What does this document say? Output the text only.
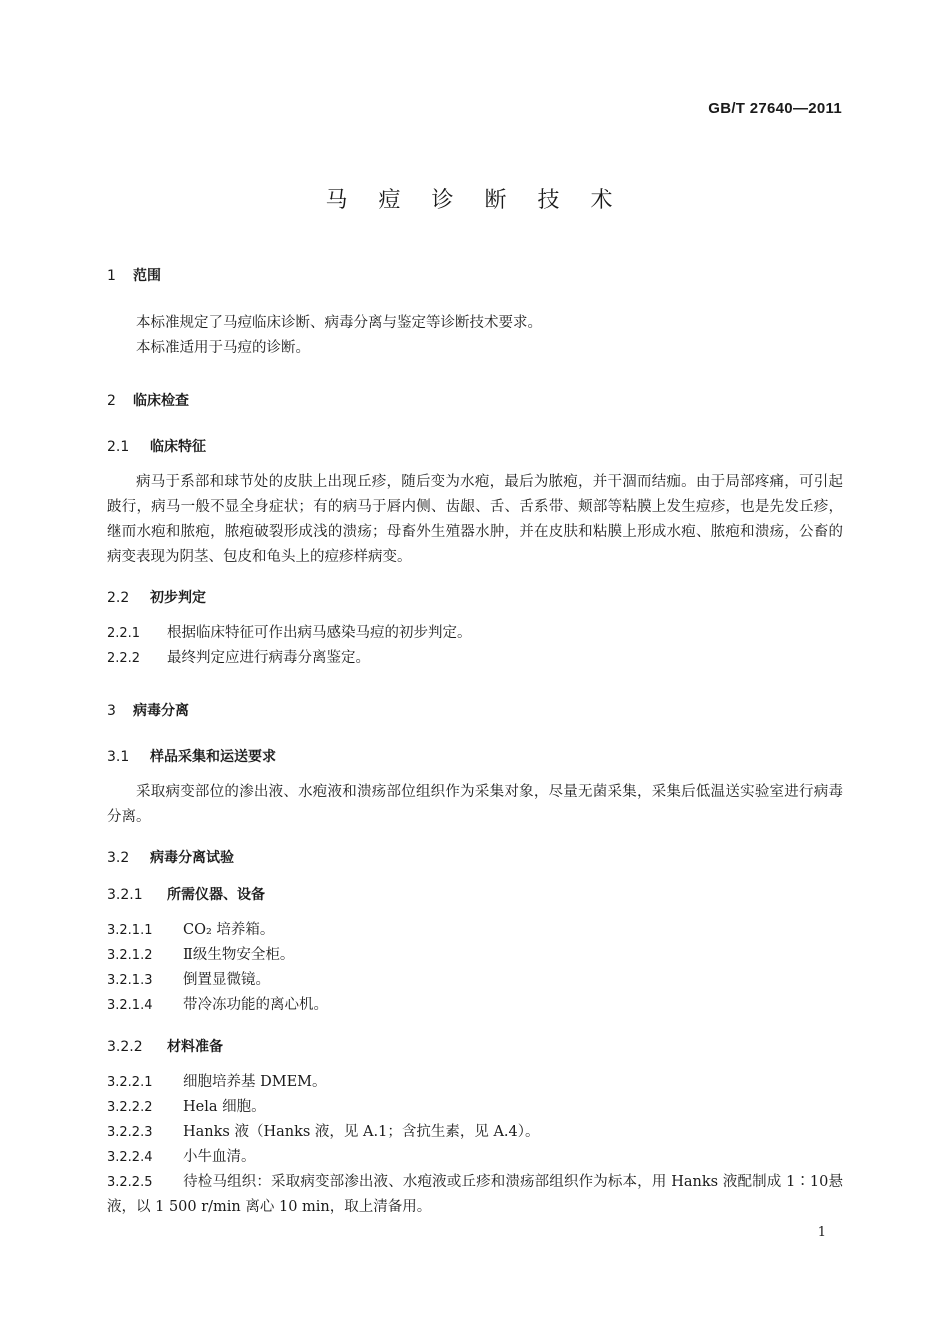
GB/T 27640—2011
马 痘 诊 断 技 术
1 范围
本标准规定了马痘临床诊断、病毒分离与鉴定等诊断技术要求。
本标准适用于马痘的诊断。
2 临床检查
2.1 临床特征
病马于系部和球节处的皮肤上出现丘疹，随后变为水疱，最后为脓疱，并干涸而结痂。由于局部疼痛，可引起跛行，病马一般不显全身症状；有的病马于唇内侧、齿龈、舌、舌系带、颊部等粘膜上发生痘疹，也是先发丘疹，继而水疱和脓疱，脓疱破裂形成浅的溃疡；母畜外生殖器水肿，并在皮肤和粘膜上形成水疱、脓疱和溃疡，公畜的病变表现为阴茎、包皮和龟头上的痘疹样病变。
2.2 初步判定
2.2.1 根据临床特征可作出病马感染马痘的初步判定。
2.2.2 最终判定应进行病毒分离鉴定。
3 病毒分离
3.1 样品采集和运送要求
采取病变部位的渗出液、水疱液和溃疡部位组织作为采集对象，尽量无菌采集，采集后低温送实验室进行病毒分离。
3.2 病毒分离试验
3.2.1 所需仪器、设备
3.2.1.1 CO₂ 培养箱。
3.2.1.2 Ⅱ级生物安全柜。
3.2.1.3 倒置显微镜。
3.2.1.4 带冷冻功能的离心机。
3.2.2 材料准备
3.2.2.1 细胞培养基 DMEM。
3.2.2.2 Hela 细胞。
3.2.2.3 Hanks 液（Hanks 液，见 A.1；含抗生素，见 A.4）。
3.2.2.4 小牛血清。
3.2.2.5 待检马组织：采取病变部渗出液、水疱液或丘疹和溃疡部组织作为标本，用 Hanks 液配制成 1∶10悬液，以 1 500 r/min 离心 10 min，取上清备用。
1
